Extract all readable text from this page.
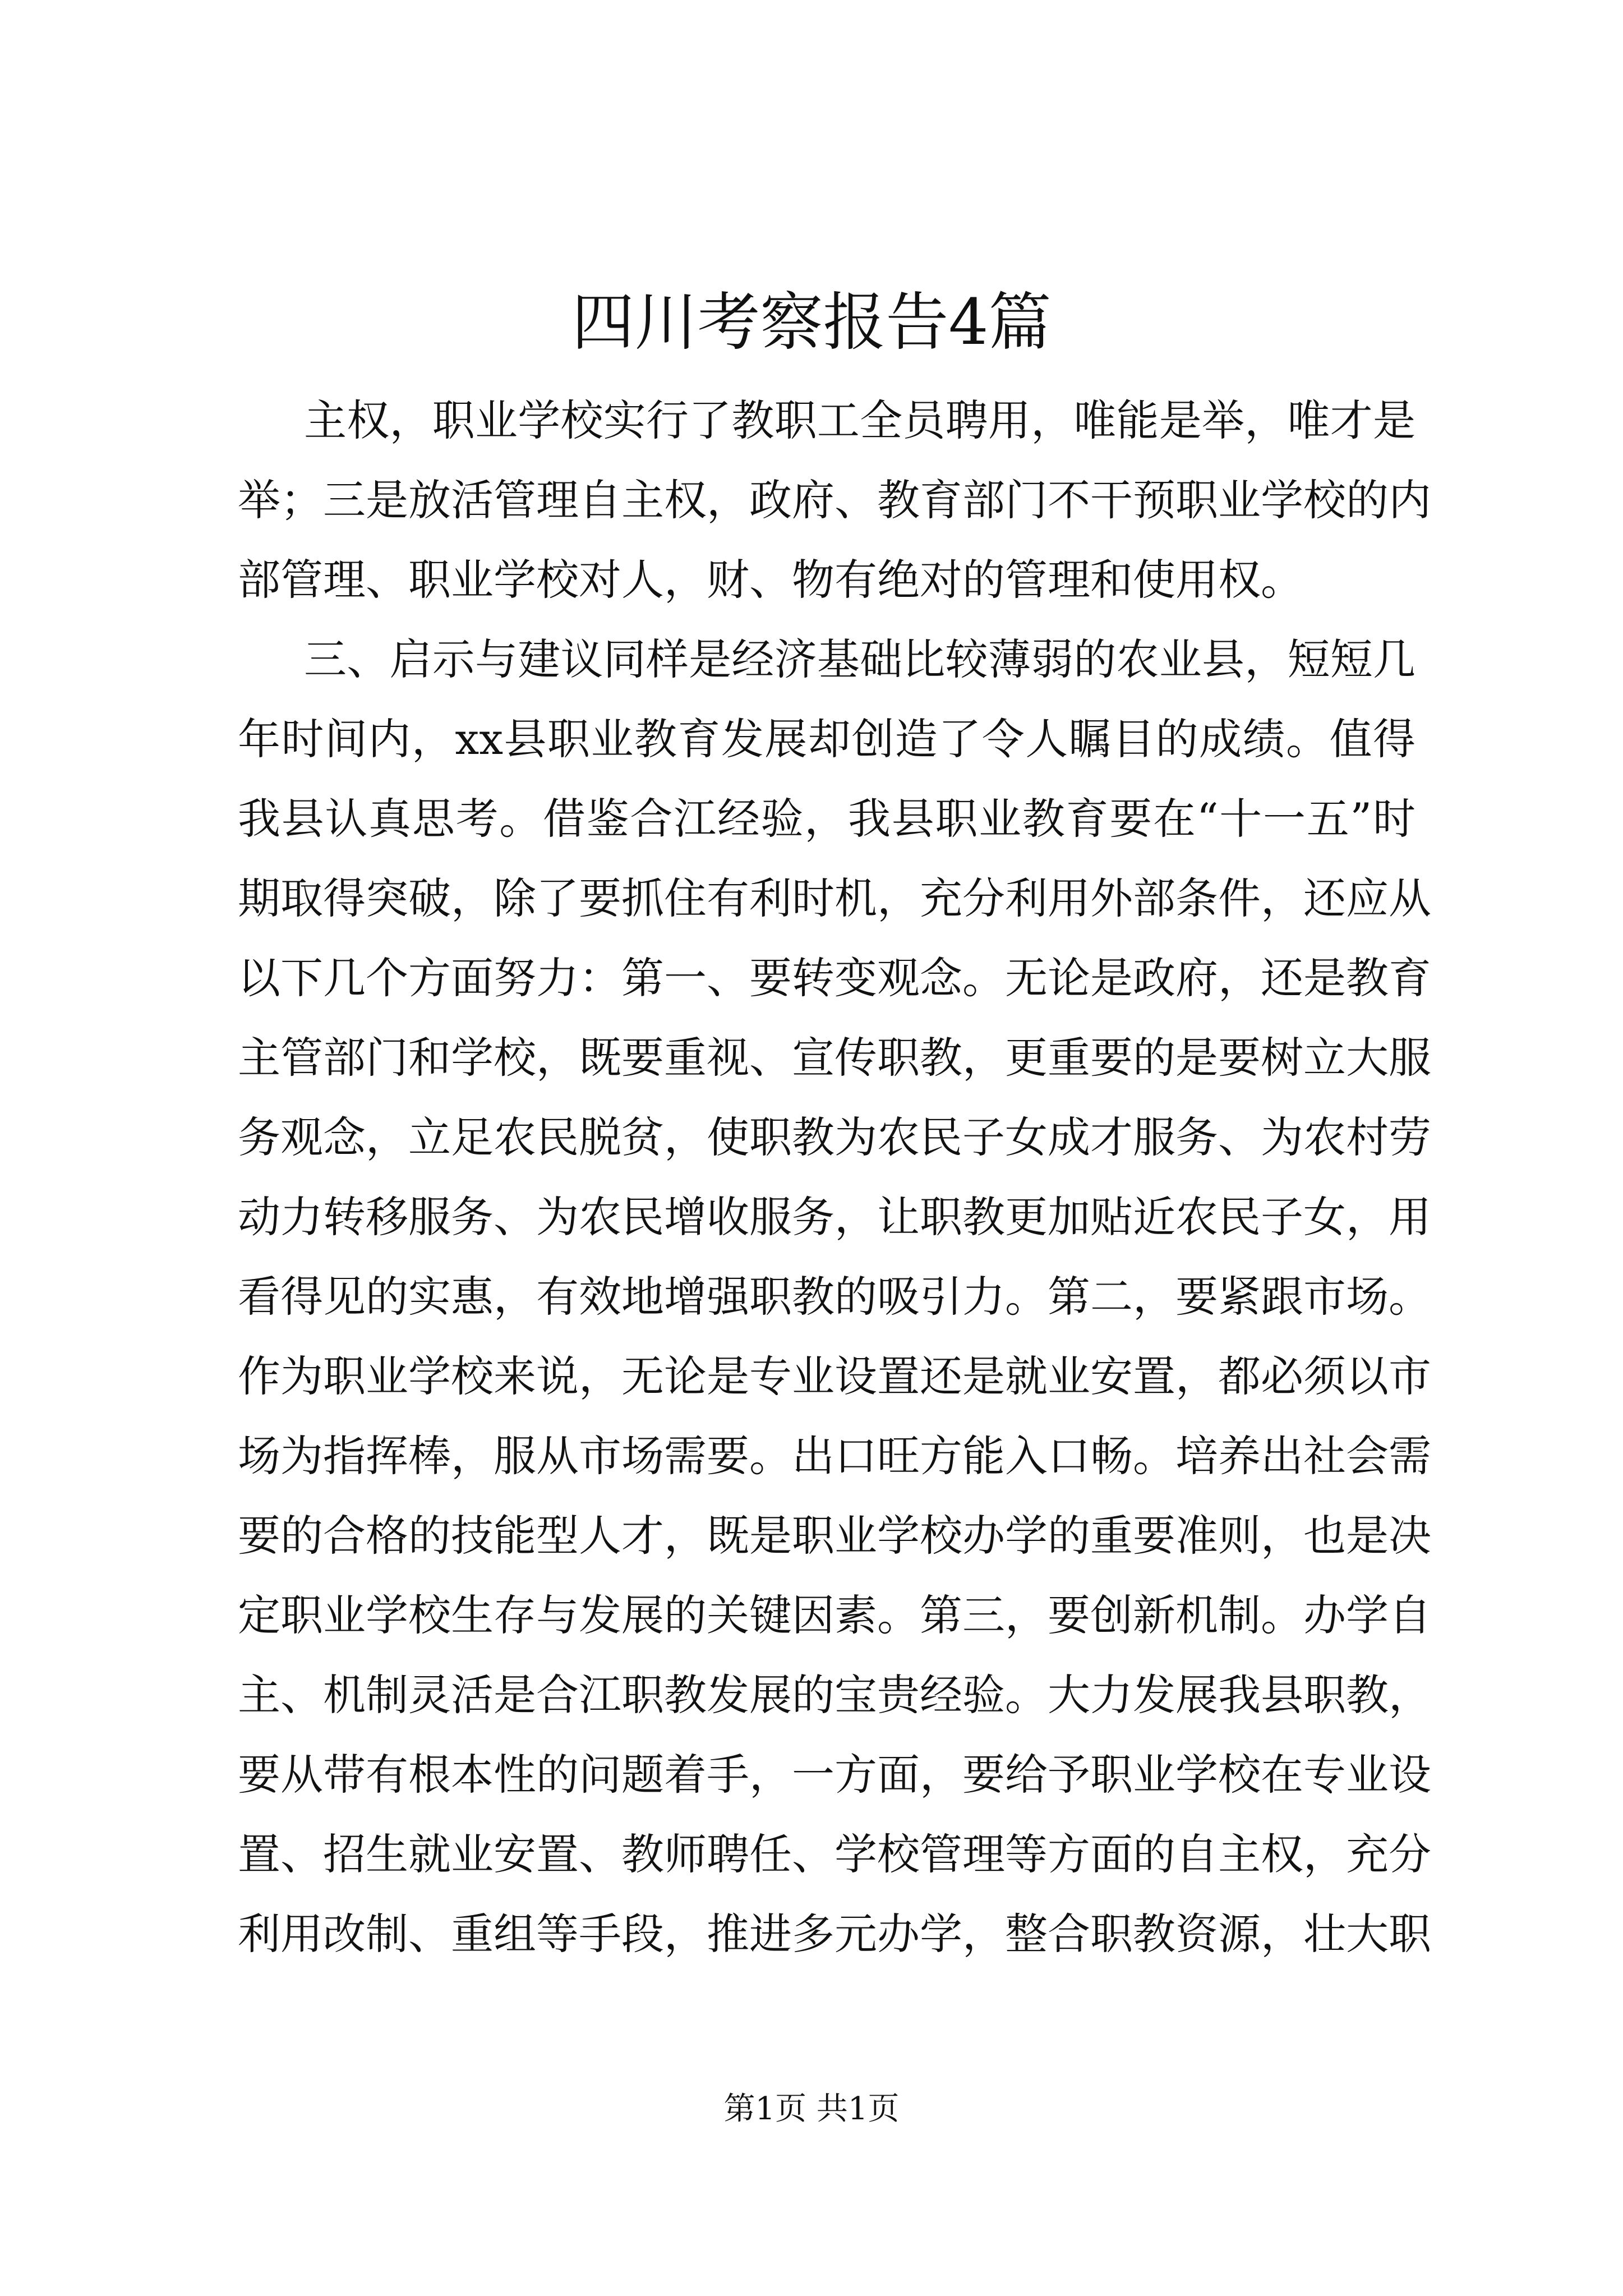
四川考察报告4篇
主权，职业学校实行了教职工全员聘用，唯能是举，唯才是
举；三是放活管理自主权，政府、教育部门不干预职业学校的内
部管理、职业学校对人，财、物有绝对的管理和使用权。
三、启示与建议同样是经济基础比较薄弱的农业县，短短几
年时间内，xx县职业教育发展却创造了令人瞩目的成绩。值得
我县认真思考。借鉴合江经验，我县职业教育要在“十一五”时
期取得突破，除了要抓住有利时机，充分利用外部条件，还应从
以下几个方面努力：第一、要转变观念。无论是政府，还是教育
主管部门和学校，既要重视、宣传职教，更重要的是要树立大服
务观念，立足农民脱贫，使职教为农民子女成才服务、为农村劳
动力转移服务、为农民增收服务，让职教更加贴近农民子女，用
看得见的实惠，有效地增强职教的吸引力。第二，要紧跟市场。
作为职业学校来说，无论是专业设置还是就业安置，都必须以市
场为指挥棒，服从市场需要。出口旺方能入口畅。培养出社会需
要的合格的技能型人才，既是职业学校办学的重要准则，也是决
定职业学校生存与发展的关键因素。第三，要创新机制。办学自
主、机制灵活是合江职教发展的宝贵经验。大力发展我县职教，
要从带有根本性的问题着手，一方面，要给予职业学校在专业设
置、招生就业安置、教师聘任、学校管理等方面的自主权，充分
利用改制、重组等手段，推进多元办学，整合职教资源，壮大职
第1页 共1页
